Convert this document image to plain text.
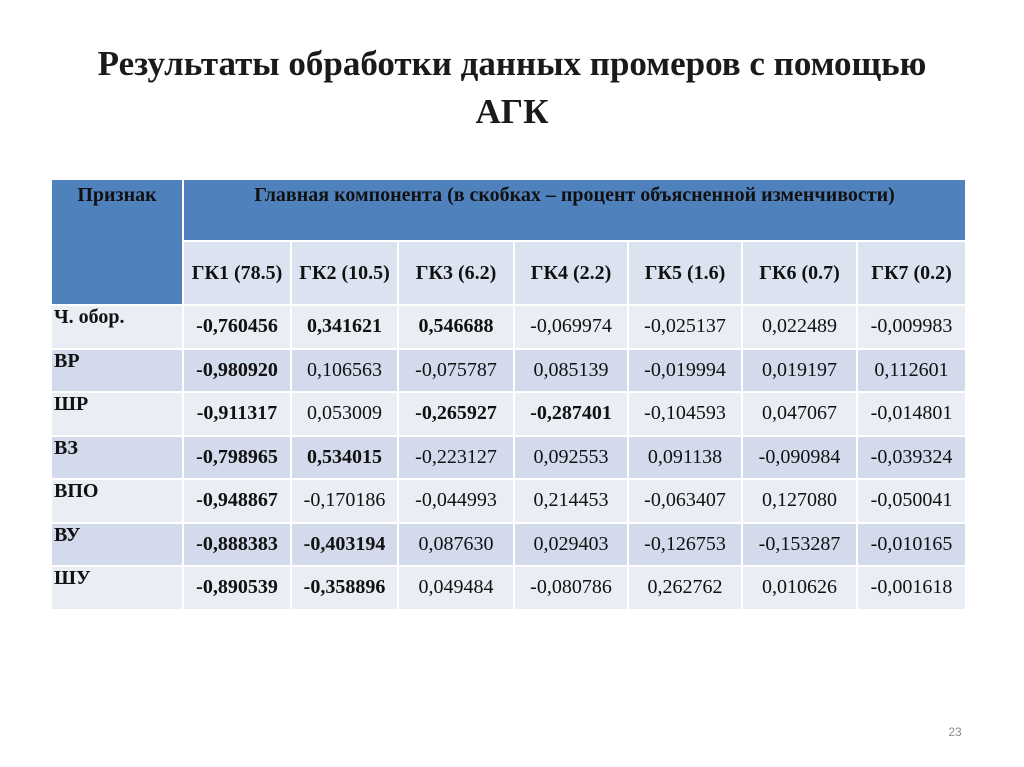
Результаты обработки данных промеров с помощью АГК
Признак	Главная компонента (в скобках – процент объясненной изменчивости)						
	ГК1 (78.5)	ГК2 (10.5)	ГК3 (6.2)	ГК4 (2.2)	ГК5 (1.6)	ГК6 (0.7)	ГК7 (0.2)
Ч. обор.	-0,760456	0,341621	0,546688	-0,069974	-0,025137	0,022489	-0,009983
ВР	-0,980920	0,106563	-0,075787	0,085139	-0,019994	0,019197	0,112601
ШР	-0,911317	0,053009	-0,265927	-0,287401	-0,104593	0,047067	-0,014801
ВЗ	-0,798965	0,534015	-0,223127	0,092553	0,091138	-0,090984	-0,039324
ВПО	-0,948867	-0,170186	-0,044993	0,214453	-0,063407	0,127080	-0,050041
ВУ	-0,888383	-0,403194	0,087630	0,029403	-0,126753	-0,153287	-0,010165
ШУ	-0,890539	-0,358896	0,049484	-0,080786	0,262762	0,010626	-0,001618
23
